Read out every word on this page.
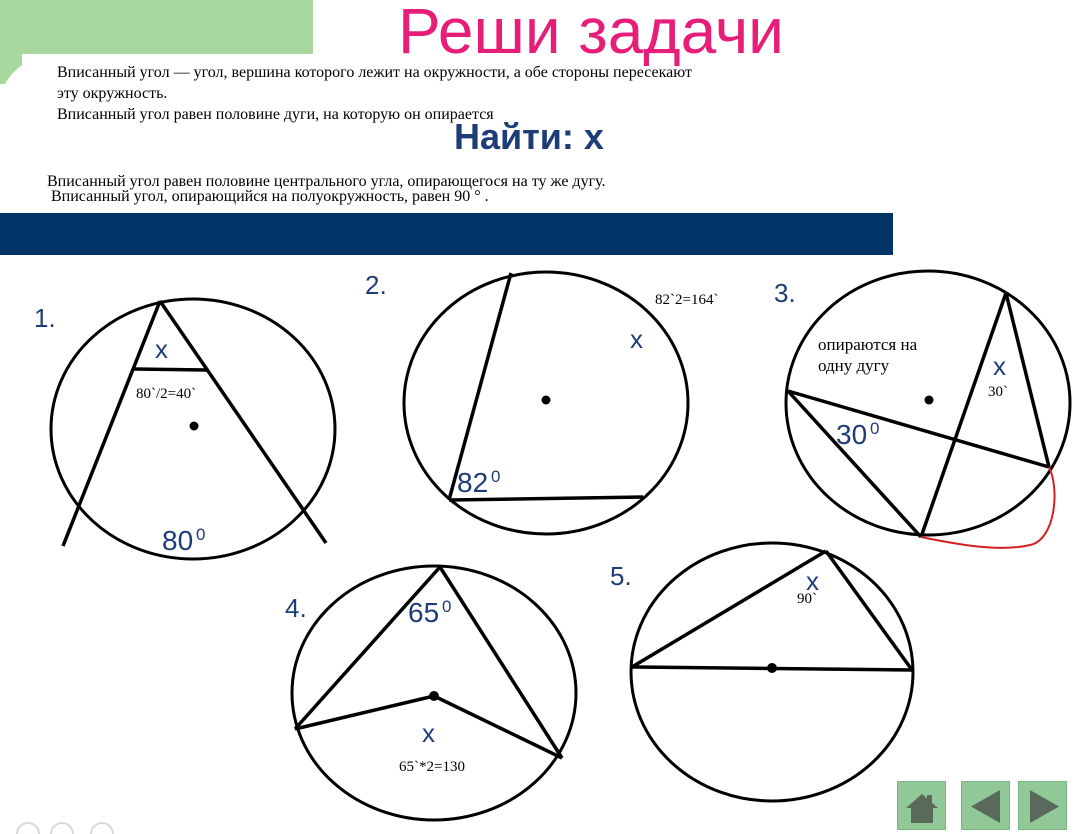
Реши задачи

Вписанный угол — угол, вершина которого лежит на окружности, а обе стороны пересекают

эту окружность.

Вписанный угол равен половине дуги, на которую он опирается

Найти: х

Вписанный угол равен половине центрального угла, опирающегося на ту же дугу.

Вписанный угол, опирающийся на полуокружность, равен 90 ° .

1.
х
80`/2=40`
80 0
2.
х
82`2=164`
82 0
3.
х
30`
опираются на
одну дугу
30 0
4.	65 0
х
65`*2=130
5.	х
90`
